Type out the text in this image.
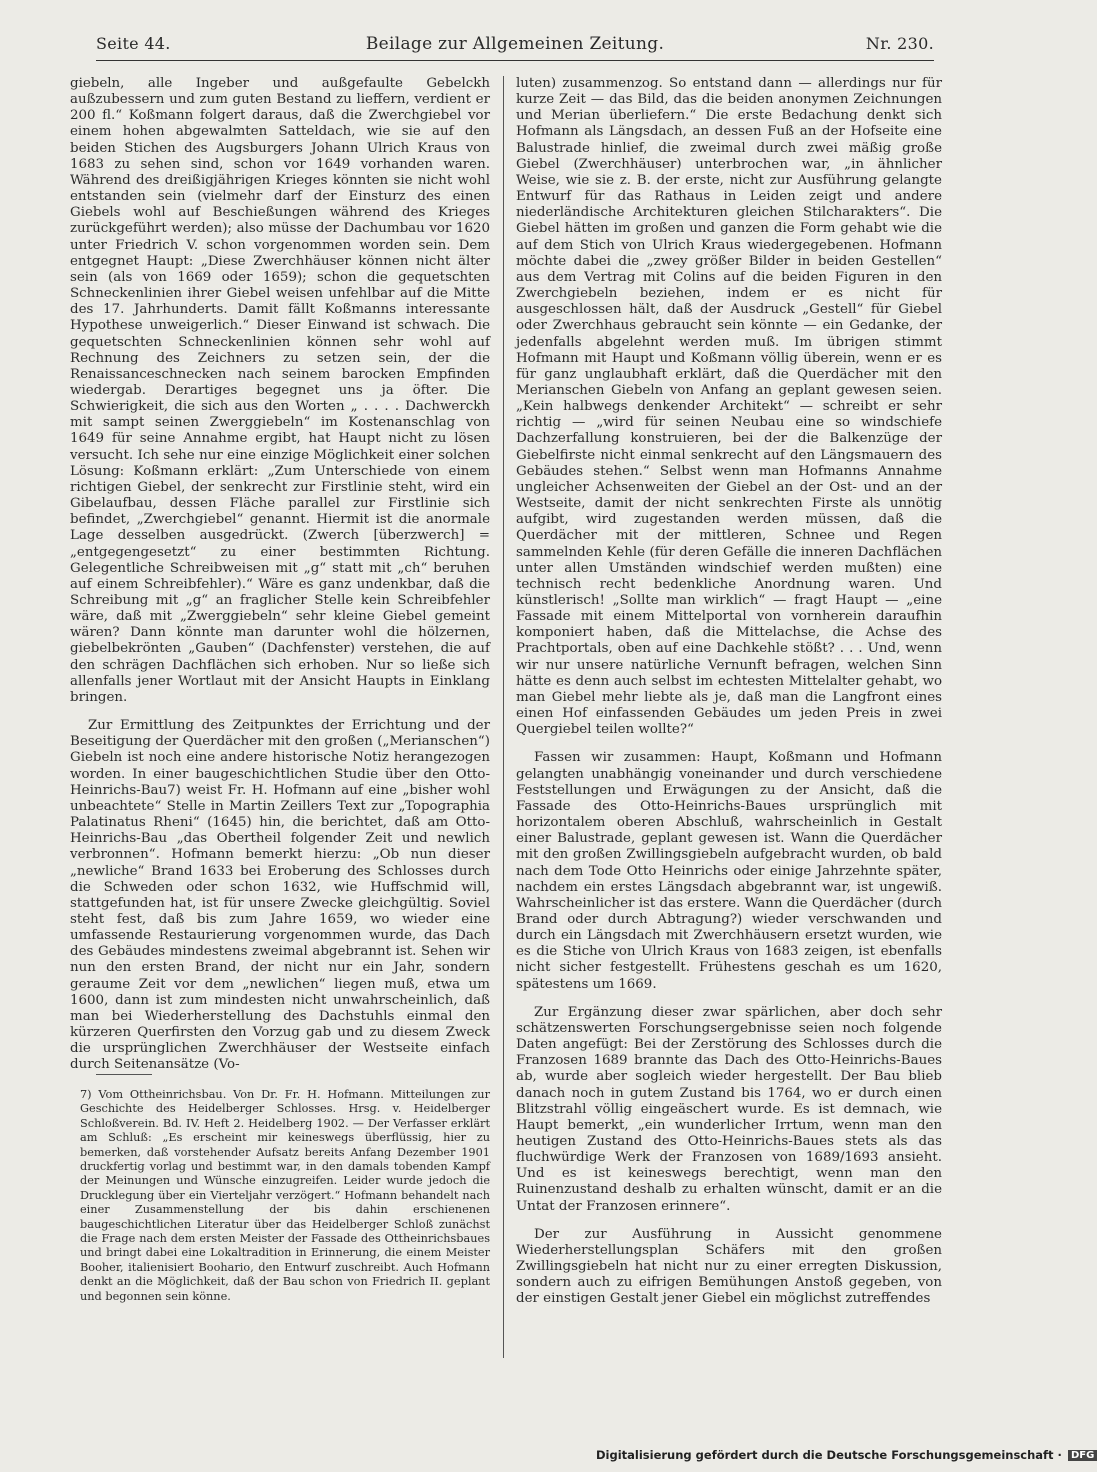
Seite 44.	Beilage zur Allgemeinen Zeitung.	Nr. 230.

giebeln, alle Ingeber und außgefaulte Gebelckh außzubessern und zum guten Bestand zu lieffern, verdient er 200 fl.“ Koßmann folgert daraus, daß die Zwerchgiebel vor einem hohen abgewalmten Satteldach, wie sie auf den beiden Stichen des Augsburgers Johann Ulrich Kraus von 1683 zu sehen sind, schon vor 1649 vorhanden waren. Während des dreißigjährigen Krieges könnten sie nicht wohl entstanden sein (vielmehr darf der Einsturz des einen Giebels wohl auf Beschießungen während des Krieges zurückgeführt werden); also müsse der Dachumbau vor 1620 unter Friedrich V. schon vorgenommen worden sein. Dem entgegnet Haupt: „Diese Zwerchhäuser können nicht älter sein (als von 1669 oder 1659); schon die gequetschten Schneckenlinien ihrer Giebel weisen unfehlbar auf die Mitte des 17. Jahrhunderts. Damit fällt Koßmanns interessante Hypothese unweigerlich.“ Dieser Einwand ist schwach. Die gequetschten Schneckenlinien können sehr wohl auf Rechnung des Zeichners zu setzen sein, der die Renaissanceschnecken nach seinem barocken Empfinden wiedergab. Derartiges begegnet uns ja öfter. Die Schwierigkeit, die sich aus den Worten „ . . . . Dachwerckh mit sampt seinen Zwerggiebeln“ im Kostenanschlag von 1649 für seine Annahme ergibt, hat Haupt nicht zu lösen versucht. Ich sehe nur eine einzige Möglichkeit einer solchen Lösung: Koßmann erklärt: „Zum Unterschiede von einem richtigen Giebel, der senkrecht zur Firstlinie steht, wird ein Gibelaufbau, dessen Fläche parallel zur Firstlinie sich befindet, „Zwerchgiebel“ genannt. Hiermit ist die anormale Lage desselben ausgedrückt. (Zwerch [überzwerch] = „entgegengesetzt“ zu einer bestimmten Richtung. Gelegentliche Schreibweisen mit „g“ statt mit „ch“ beruhen auf einem Schreibfehler).“ Wäre es ganz undenkbar, daß die Schreibung mit „g“ an fraglicher Stelle kein Schreibfehler wäre, daß mit „Zwerggiebeln“ sehr kleine Giebel gemeint wären? Dann könnte man darunter wohl die hölzernen, giebelbekrönten „Gauben“ (Dachfenster) verstehen, die auf den schrägen Dachflächen sich erhoben. Nur so ließe sich allenfalls jener Wortlaut mit der Ansicht Haupts in Einklang bringen.

Zur Ermittlung des Zeitpunktes der Errichtung und der Beseitigung der Querdächer mit den großen („Merianschen“) Giebeln ist noch eine andere historische Notiz herangezogen worden. In einer baugeschichtlichen Studie über den Otto-Heinrichs-Bau7) weist Fr. H. Hofmann auf eine „bisher wohl unbeachtete“ Stelle in Martin Zeillers Text zur „Topographia Palatinatus Rheni“ (1645) hin, die berichtet, daß am Otto-Heinrichs-Bau „das Obertheil folgender Zeit und newlich verbronnen“. Hofmann bemerkt hierzu: „Ob nun dieser „newliche“ Brand 1633 bei Eroberung des Schlosses durch die Schweden oder schon 1632, wie Huffschmid will, stattgefunden hat, ist für unsere Zwecke gleichgültig. Soviel steht fest, daß bis zum Jahre 1659, wo wieder eine umfassende Restaurierung vorgenommen wurde, das Dach des Gebäudes mindestens zweimal abgebrannt ist. Sehen wir nun den ersten Brand, der nicht nur ein Jahr, sondern geraume Zeit vor dem „newlichen“ liegen muß, etwa um 1600, dann ist zum mindesten nicht unwahrscheinlich, daß man bei Wiederherstellung des Dachstuhls einmal den kürzeren Querfirsten den Vorzug gab und zu diesem Zweck die ursprünglichen Zwerchhäuser der Westseite einfach durch Seitenansätze (Vo-

7) Vom Ottheinrichsbau. Von Dr. Fr. H. Hofmann. Mitteilungen zur Geschichte des Heidelberger Schlosses. Hrsg. v. Heidelberger Schloßverein. Bd. IV. Heft 2. Heidelberg 1902. — Der Verfasser erklärt am Schluß: „Es erscheint mir keineswegs überflüssig, hier zu bemerken, daß vorstehender Aufsatz bereits Anfang Dezember 1901 druckfertig vorlag und bestimmt war, in den damals tobenden Kampf der Meinungen und Wünsche einzugreifen. Leider wurde jedoch die Drucklegung über ein Vierteljahr verzögert.“ Hofmann behandelt nach einer Zusammenstellung der bis dahin erschienenen baugeschichtlichen Literatur über das Heidelberger Schloß zunächst die Frage nach dem ersten Meister der Fassade des Ottheinrichsbaues und bringt dabei eine Lokaltradition in Erinnerung, die einem Meister Booher, italienisiert Boohario, den Entwurf zuschreibt. Auch Hofmann denkt an die Möglichkeit, daß der Bau schon von Friedrich II. geplant und begonnen sein könne.

luten) zusammenzog. So entstand dann — allerdings nur für kurze Zeit — das Bild, das die beiden anonymen Zeichnungen und Merian überliefern.“ Die erste Bedachung denkt sich Hofmann als Längsdach, an dessen Fuß an der Hofseite eine Balustrade hinlief, die zweimal durch zwei mäßig große Giebel (Zwerchhäuser) unterbrochen war, „in ähnlicher Weise, wie sie z. B. der erste, nicht zur Ausführung gelangte Entwurf für das Rathaus in Leiden zeigt und andere niederländische Architekturen gleichen Stilcharakters“. Die Giebel hätten im großen und ganzen die Form gehabt wie die auf dem Stich von Ulrich Kraus wiedergegebenen. Hofmann möchte dabei die „zwey größer Bilder in beiden Gestellen“ aus dem Vertrag mit Colins auf die beiden Figuren in den Zwerchgiebeln beziehen, indem er es nicht für ausgeschlossen hält, daß der Ausdruck „Gestell“ für Giebel oder Zwerchhaus gebraucht sein könnte — ein Gedanke, der jedenfalls abgelehnt werden muß. Im übrigen stimmt Hofmann mit Haupt und Koßmann völlig überein, wenn er es für ganz unglaubhaft erklärt, daß die Querdächer mit den Merianschen Giebeln von Anfang an geplant gewesen seien. „Kein halbwegs denkender Architekt“ — schreibt er sehr richtig — „wird für seinen Neubau eine so windschiefe Dachzerfallung konstruieren, bei der die Balkenzüge der Giebelfirste nicht einmal senkrecht auf den Längsmauern des Gebäudes stehen.“ Selbst wenn man Hofmanns Annahme ungleicher Achsenweiten der Giebel an der Ost- und an der Westseite, damit der nicht senkrechten Firste als unnötig aufgibt, wird zugestanden werden müssen, daß die Querdächer mit der mittleren, Schnee und Regen sammelnden Kehle (für deren Gefälle die inneren Dachflächen unter allen Umständen windschief werden mußten) eine technisch recht bedenkliche Anordnung waren. Und künstlerisch! „Sollte man wirklich“ — fragt Haupt — „eine Fassade mit einem Mittelportal von vornherein daraufhin komponiert haben, daß die Mittelachse, die Achse des Prachtportals, oben auf eine Dachkehle stößt? . . . Und, wenn wir nur unsere natürliche Vernunft befragen, welchen Sinn hätte es denn auch selbst im echtesten Mittelalter gehabt, wo man Giebel mehr liebte als je, daß man die Langfront eines einen Hof einfassenden Gebäudes um jeden Preis in zwei Quergiebel teilen wollte?“

Fassen wir zusammen: Haupt, Koßmann und Hofmann gelangten unabhängig voneinander und durch verschiedene Feststellungen und Erwägungen zu der Ansicht, daß die Fassade des Otto-Heinrichs-Baues ursprünglich mit horizontalem oberen Abschluß, wahrscheinlich in Gestalt einer Balustrade, geplant gewesen ist. Wann die Querdächer mit den großen Zwillingsgiebeln aufgebracht wurden, ob bald nach dem Tode Otto Heinrichs oder einige Jahrzehnte später, nachdem ein erstes Längsdach abgebrannt war, ist ungewiß. Wahrscheinlicher ist das erstere. Wann die Querdächer (durch Brand oder durch Abtragung?) wieder verschwanden und durch ein Längsdach mit Zwerchhäusern ersetzt wurden, wie es die Stiche von Ulrich Kraus von 1683 zeigen, ist ebenfalls nicht sicher festgestellt. Frühestens geschah es um 1620, spätestens um 1669.

Zur Ergänzung dieser zwar spärlichen, aber doch sehr schätzenswerten Forschungsergebnisse seien noch folgende Daten angefügt: Bei der Zerstörung des Schlosses durch die Franzosen 1689 brannte das Dach des Otto-Heinrichs-Baues ab, wurde aber sogleich wieder hergestellt. Der Bau blieb danach noch in gutem Zustand bis 1764, wo er durch einen Blitzstrahl völlig eingeäschert wurde. Es ist demnach, wie Haupt bemerkt, „ein wunderlicher Irrtum, wenn man den heutigen Zustand des Otto-Heinrichs-Baues stets als das fluchwürdige Werk der Franzosen von 1689/1693 ansieht. Und es ist keineswegs berechtigt, wenn man den Ruinenzustand deshalb zu erhalten wünscht, damit er an die Untat der Franzosen erinnere“.

Der zur Ausführung in Aussicht genommene Wiederherstellungsplan Schäfers mit den großen Zwillingsgiebeln hat nicht nur zu einer erregten Diskussion, sondern auch zu eifrigen Bemühungen Anstoß gegeben, von der einstigen Gestalt jener Giebel ein möglichst zutreffendes

Digitalisierung gefördert durch die Deutsche Forschungsgemeinschaft · DFG
